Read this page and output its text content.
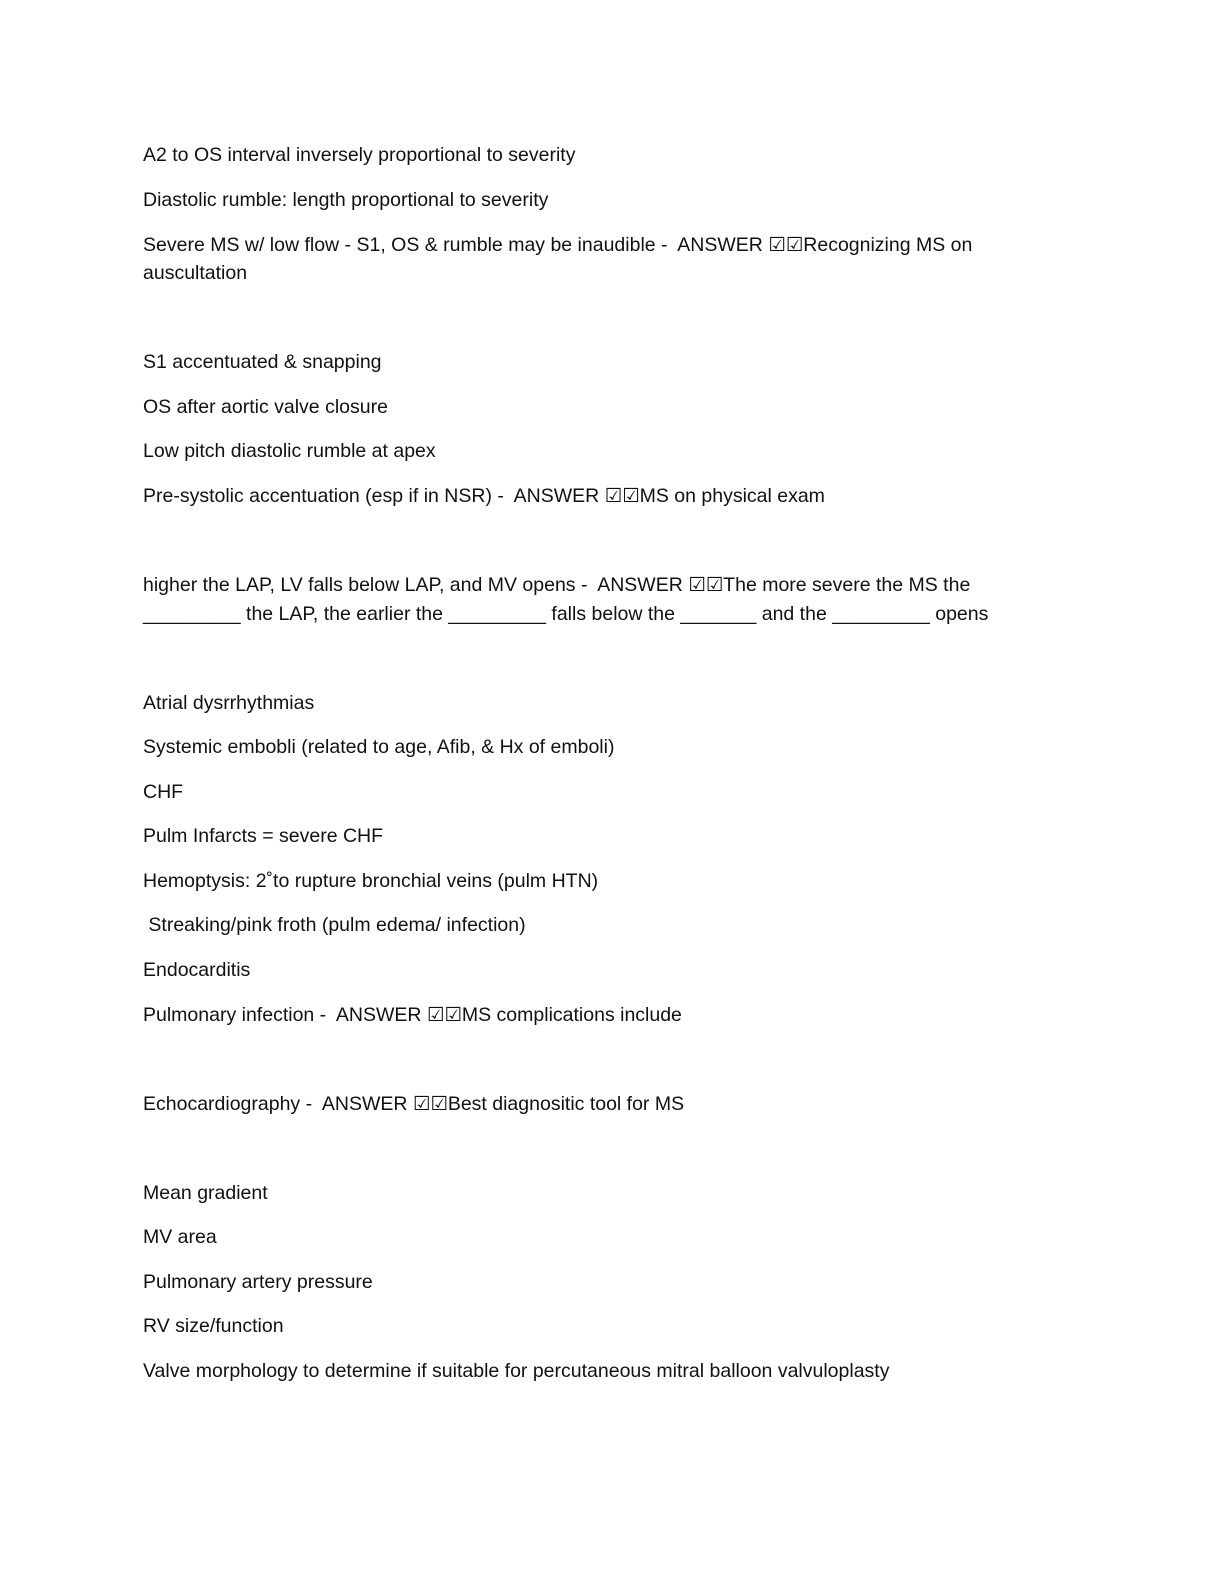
A2 to OS interval inversely proportional to severity

Diastolic rumble: length proportional to severity

Severe MS w/ low flow - S1, OS & rumble may be inaudible -  ANSWER ☑☑Recognizing MS on

auscultation

S1 accentuated & snapping

OS after aortic valve closure

Low pitch diastolic rumble at apex

Pre-systolic accentuation (esp if in NSR) -  ANSWER ☑☑MS on physical exam

higher the LAP, LV falls below LAP, and MV opens -  ANSWER ☑☑The more severe the MS the

_________ the LAP, the earlier the _________ falls below the _______ and the _________ opens

Atrial dysrrhythmias

Systemic embobli (related to age, Afib, & Hx of emboli)

CHF

Pulm Infarcts = severe CHF

Hemoptysis: 2˚to rupture bronchial veins (pulm HTN)

Streaking/pink froth (pulm edema/ infection)

Endocarditis

Pulmonary infection -  ANSWER ☑☑MS complications include

Echocardiography -  ANSWER ☑☑Best diagnositic tool for MS

Mean gradient

MV area

Pulmonary artery pressure

RV size/function

Valve morphology to determine if suitable for percutaneous mitral balloon valvuloplasty
